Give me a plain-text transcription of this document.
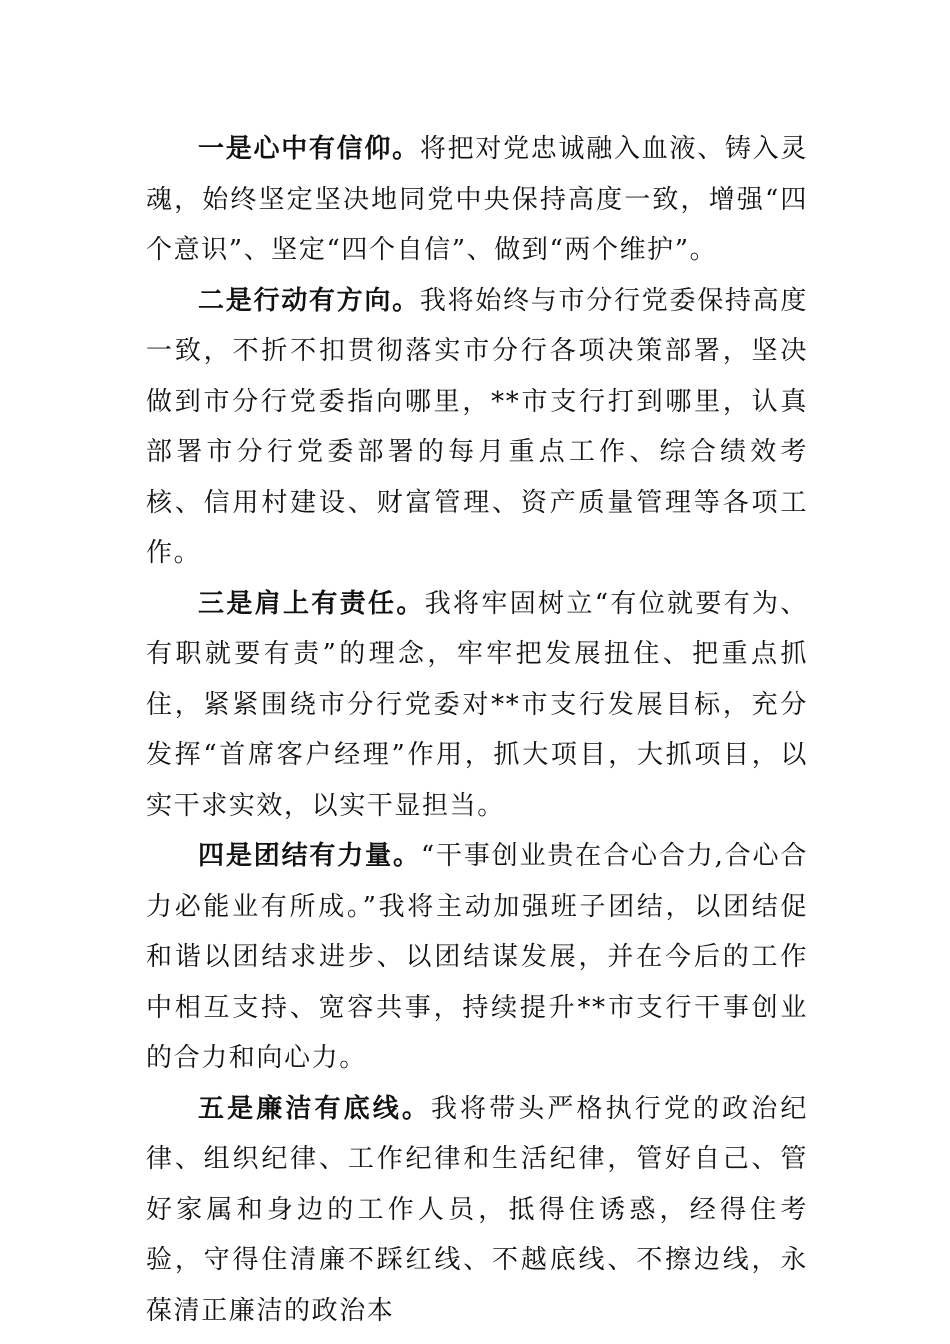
一是心中有信仰。将把对党忠诚融入血液、铸入灵魂，始终坚定坚决地同党中央保持高度一致，增强“四个意识”、坚定“四个自信”、做到“两个维护”。

二是行动有方向。我将始终与市分行党委保持高度一致，不折不扣贯彻落实市分行各项决策部署，坚决做到市分行党委指向哪里，**市支行打到哪里，认真部署市分行党委部署的每月重点工作、综合绩效考核、信用村建设、财富管理、资产质量管理等各项工作。

三是肩上有责任。我将牢固树立“有位就要有为、有职就要有责”的理念，牢牢把发展扭住、把重点抓住，紧紧围绕市分行党委对**市支行发展目标，充分发挥“首席客户经理”作用，抓大项目，大抓项目，以实干求实效，以实干显担当。

四是团结有力量。“干事创业贵在合心合力,合心合力必能业有所成。”我将主动加强班子团结，以团结促和谐以团结求进步、以团结谋发展，并在今后的工作中相互支持、宽容共事，持续提升**市支行干事创业的合力和向心力。

五是廉洁有底线。我将带头严格执行党的政治纪律、组织纪律、工作纪律和生活纪律，管好自己、管好家属和身边的工作人员，抵得住诱惑，经得住考验，守得住清廉不踩红线、不越底线、不擦边线，永葆清正廉洁的政治本
